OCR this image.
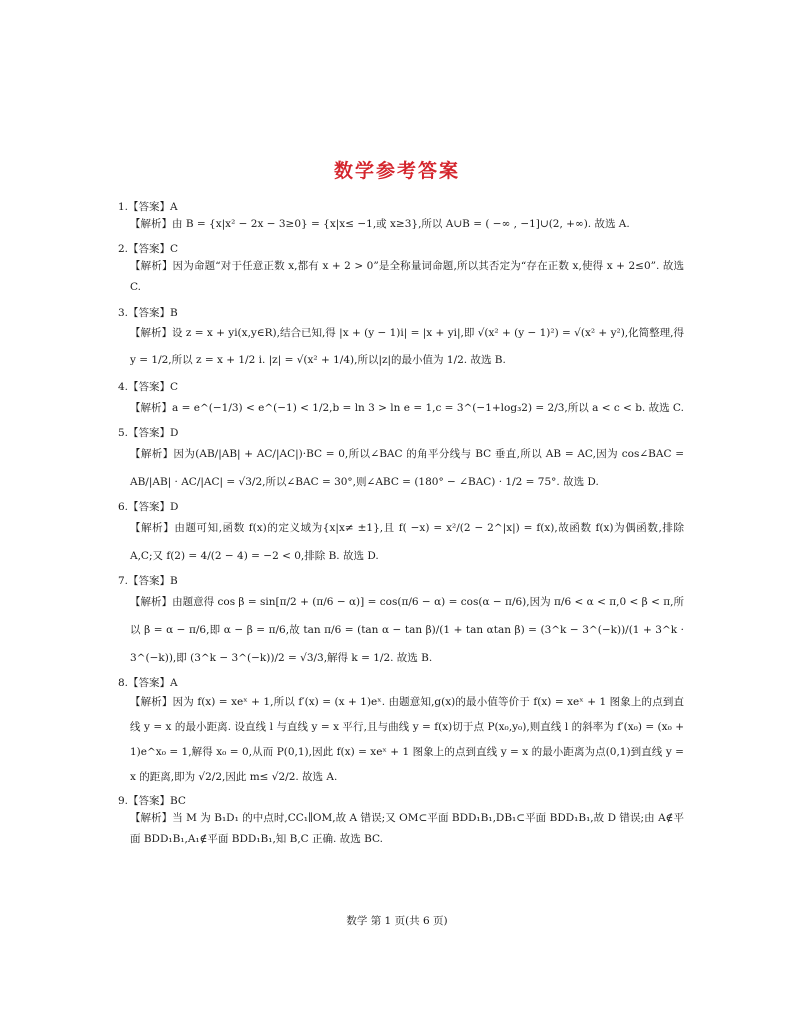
数学参考答案
1.【答案】A
【解析】由 B = {x|x² − 2x − 3≥0} = {x|x≤ −1,或 x≥3},所以 A∪B = ( −∞ , −1]∪(2, +∞). 故选 A.
2.【答案】C
【解析】因为命题“对于任意正数 x,都有 x + 2 > 0”是全称量词命题,所以其否定为“存在正数 x,使得 x + 2≤0”. 故选 C.
3.【答案】B
【解析】设 z = x + yi(x,y∈R),结合已知,得 |x + (y − 1)i| = |x + yi|,即 √(x² + (y − 1)²) = √(x² + y²),化简整理,得 y = 1/2,所以 z = x + 1/2 i. |z| = √(x² + 1/4),所以|z|的最小值为 1/2. 故选 B.
4.【答案】C
【解析】a = e^(−1/3) < e^(−1) < 1/2,b = ln 3 > ln e = 1,c = 3^(−1+log₃2) = 2/3,所以 a < c < b. 故选 C.
5.【答案】D
【解析】因为(AB/|AB| + AC/|AC|)·BC = 0,所以∠BAC 的角平分线与 BC 垂直,所以 AB = AC,因为 cos∠BAC = AB/|AB| · AC/|AC| = √3/2,所以∠BAC = 30°,则∠ABC = (180° − ∠BAC) · 1/2 = 75°. 故选 D.
6.【答案】D
【解析】由题可知,函数 f(x)的定义域为{x|x≠ ±1},且 f( −x) = x²/(2 − 2^|x|) = f(x),故函数 f(x)为偶函数,排除 A,C;又 f(2) = 4/(2 − 4) = −2 < 0,排除 B. 故选 D.
7.【答案】B
【解析】由题意得 cos β = sin[π/2 + (π/6 − α)] = cos(π/6 − α) = cos(α − π/6),因为 π/6 < α < π,0 < β < π,所以 β = α − π/6,即 α − β = π/6,故 tan π/6 = (tan α − tan β)/(1 + tan αtan β) = (3^k − 3^(−k))/(1 + 3^k · 3^(−k)),即 (3^k − 3^(−k))/2 = √3/3,解得 k = 1/2. 故选 B.
8.【答案】A
【解析】因为 f(x) = xeˣ + 1,所以 f′(x) = (x + 1)eˣ. 由题意知,g(x)的最小值等价于 f(x) = xeˣ + 1 图象上的点到直线 y = x 的最小距离. 设直线 l 与直线 y = x 平行,且与曲线 y = f(x)切于点 P(x₀,y₀),则直线 l 的斜率为 f′(x₀) = (x₀ + 1)e^x₀ = 1,解得 x₀ = 0,从而 P(0,1),因此 f(x) = xeˣ + 1 图象上的点到直线 y = x 的最小距离为点(0,1)到直线 y = x 的距离,即为 √2/2,因此 m≤ √2/2. 故选 A.
9.【答案】BC
【解析】当 M 为 B₁D₁ 的中点时,CC₁∥OM,故 A 错误;又 OM⊂平面 BDD₁B₁,DB₁⊂平面 BDD₁B₁,故 D 错误;由 A∉平面 BDD₁B₁,A₁∉平面 BDD₁B₁,知 B,C 正确. 故选 BC.
数学 第 1 页(共 6 页)
